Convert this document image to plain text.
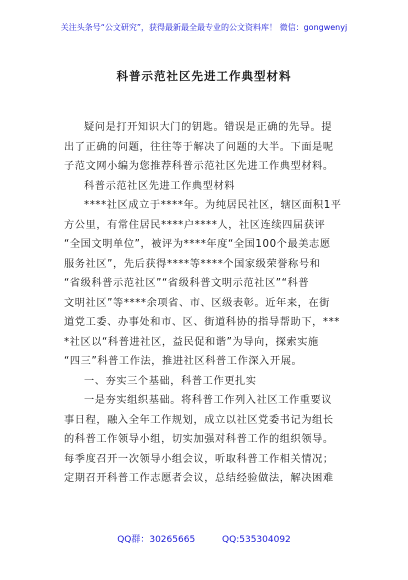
关注头条号“公文研究”，获得最新最全最专业的公文资料库！ 微信：gongwenyj
科普示范社区先进工作典型材料
疑问是打开知识大门的钥匙。错误是正确的先导。提
出了正确的问题，往往等于解决了问题的大半。下面是呢
子范文网小编为您推荐科普示范社区先进工作典型材料。
科普示范社区先进工作典型材料
****社区成立于****年。为纯居民社区，辖区面积1平
方公里，有常住居民****户****人，社区连续四届获评
“全国文明单位”，被评为****年度“全国100个最美志愿
服务社区”，先后获得****等****个国家级荣誉称号和
“省级科普示范社区”“省级科普文明示范社区”“科普
文明社区”等****余项省、市、区级表彰。近年来，在街
道党工委、办事处和市、区、街道科协的指导帮助下，***
*社区以“科普进社区，益民促和谐”为导向，探索实施
“四三”科普工作法，推进社区科普工作深入开展。
一、夯实三个基础，科普工作更扎实
一是夯实组织基础。将科普工作列入社区工作重要议
事日程，融入全年工作规划，成立以社区党委书记为组长
的科普工作领导小组，切实加强对科普工作的组织领导。
每季度召开一次领导小组会议，听取科普工作相关情况；
定期召开科普工作志愿者会议，总结经验做法，解决困难
QQ群：30265665	QQ:535304092
